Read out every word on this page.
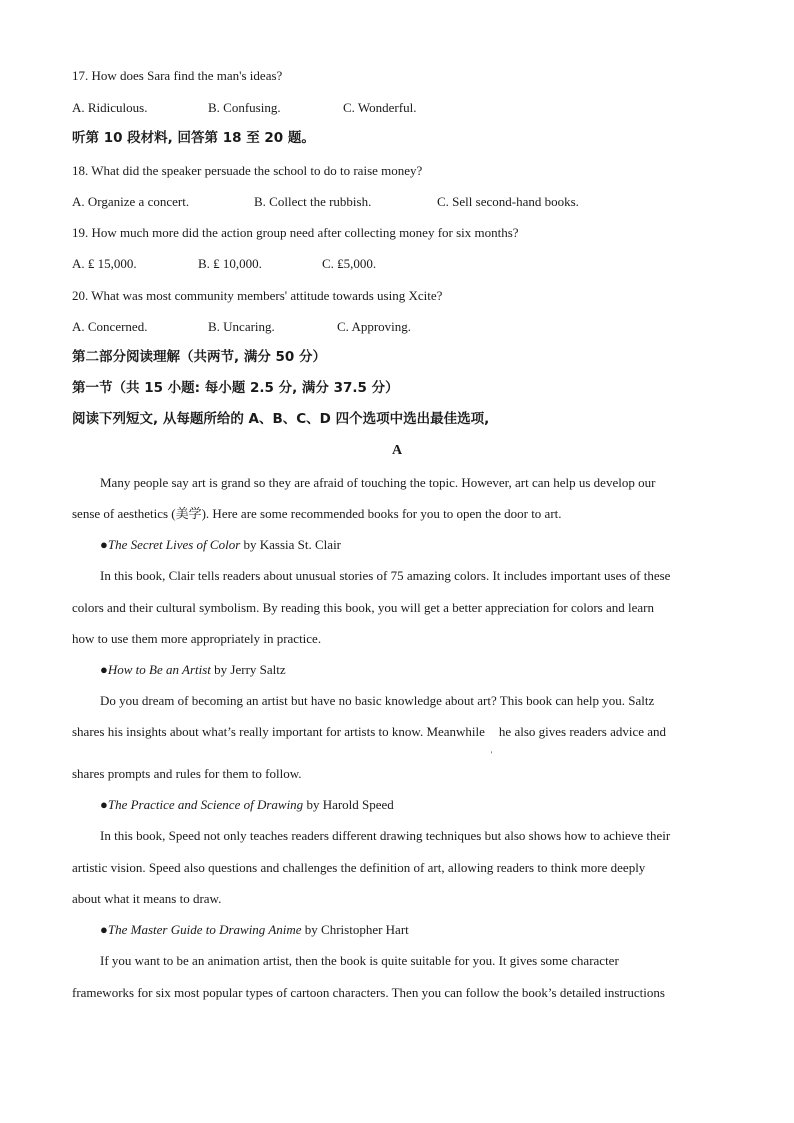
17. How does Sara find the man's ideas?
A. Ridiculous.	B. Confusing.	C. Wonderful.
听第 10 段材料, 回答第 18 至 20 题。
18. What did the speaker persuade the school to do to raise money?
A. Organize a concert.	B. Collect the rubbish.	C. Sell second-hand books.
19. How much more did the action group need after collecting money for six months?
A. ₤ 15,000.	B. ₤ 10,000.	C. ₤5,000.
20. What was most community members' attitude towards using Xcite?
A. Concerned.	B. Uncaring.	C. Approving.
第二部分阅读理解（共两节, 满分 50 分）
第一节（共 15 小题: 每小题 2.5 分, 满分 37.5 分）
阅读下列短文, 从每题所给的 A、B、C、D 四个选项中选出最佳选项,
A
Many people say art is grand so they are afraid of touching the topic. However, art can help us develop our
sense of aesthetics (美学). Here are some recommended books for you to open the door to art.
●The Secret Lives of Color by Kassia St. Clair
In this book, Clair tells readers about unusual stories of 75 amazing colors. It includes important uses of these
colors and their cultural symbolism. By reading this book, you will get a better appreciation for colors and learn
how to use them more appropriately in practice.
●How to Be an Artist by Jerry Saltz
Do you dream of becoming an artist but have no basic knowledge about art? This book can help you. Saltz
shares his insights about what’s really important for artists to know. Meanwhile
'
he also gives readers advice and
shares prompts and rules for them to follow.
●The Practice and Science of Drawing by Harold Speed
In this book, Speed not only teaches readers different drawing techniques but also shows how to achieve their
artistic vision. Speed also questions and challenges the definition of art, allowing readers to think more deeply
about what it means to draw.
●The Master Guide to Drawing Anime by Christopher Hart
If you want to be an animation artist, then the book is quite suitable for you. It gives some character
frameworks for six most popular types of cartoon characters. Then you can follow the book’s detailed instructions
